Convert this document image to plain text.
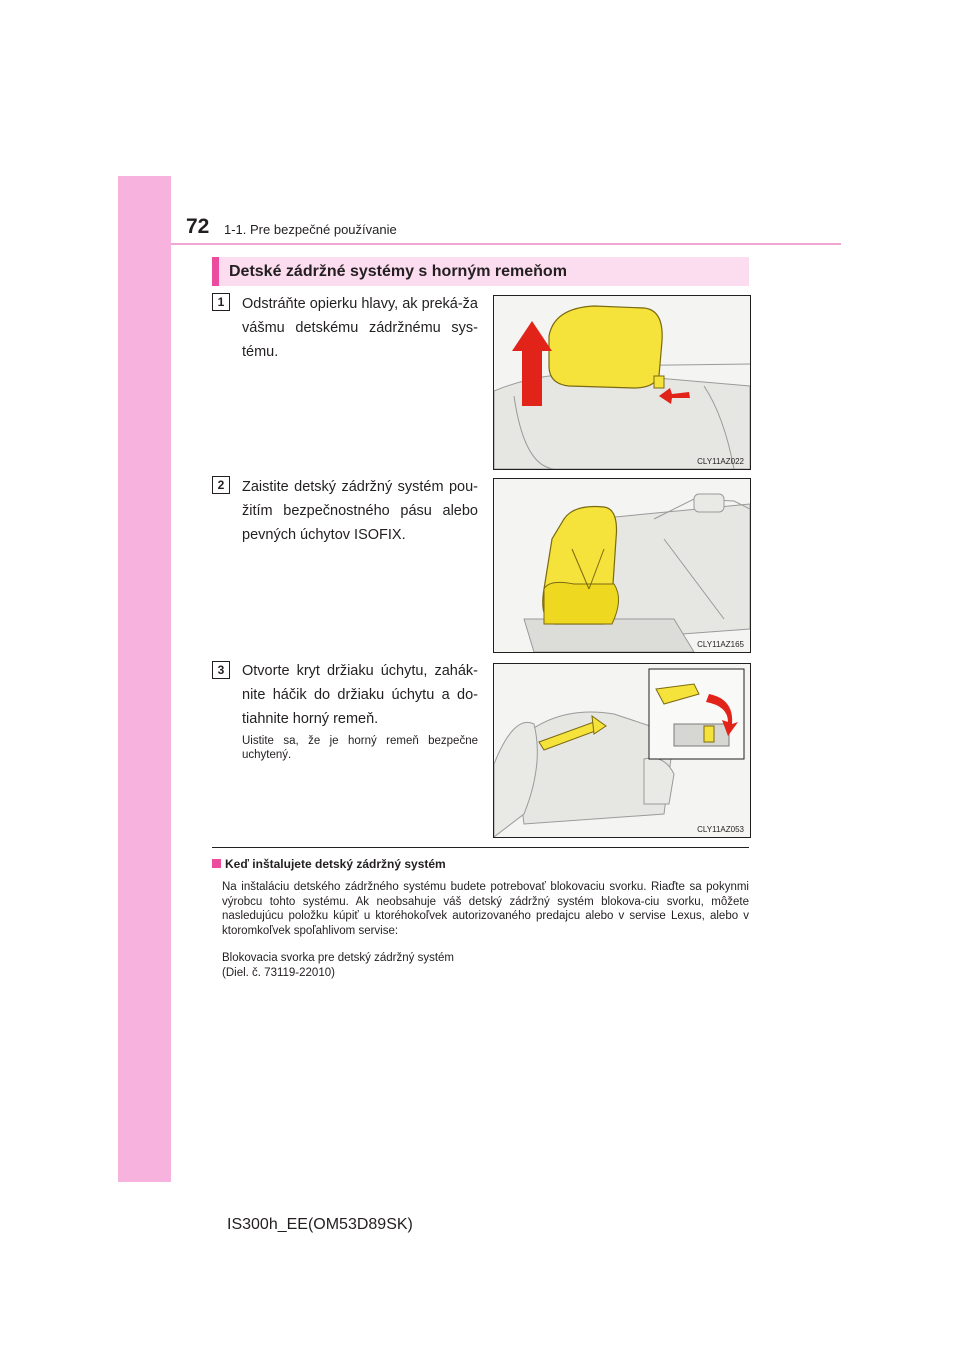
72 1-1. Pre bezpečné používanie
Detské zádržné systémy s horným remeňom
1	Odstráňte opierku hlavy, ak preká-ža vášmu detskému zádržnému sys-tému.
CLY11AZ022
2	Zaistite detský zádržný systém pou-žitím bezpečnostného pásu alebo pevných úchytov ISOFIX.
CLY11AZ165
3	Otvorte kryt držiaku úchytu, zahák-nite háčik do držiaku úchytu a do-tiahnite horný remeň.
Uistite sa, že je horný remeň bezpečne uchytený.
CLY11AZ053
Keď inštalujete detský zádržný systém
Na inštaláciu detského zádržného systému budete potrebovať blokovaciu svorku. Riaďte sa pokynmi výrobcu tohto systému. Ak neobsahuje váš detský zádržný systém blokova-ciu svorku, môžete nasledujúcu položku kúpiť u ktoréhokoľvek autorizovaného predajcu alebo v servise Lexus, alebo v ktoromkoľvek spoľahlivom servise:
Blokovacia svorka pre detský zádržný systém
(Diel. č. 73119-22010)
IS300h_EE(OM53D89SK)
